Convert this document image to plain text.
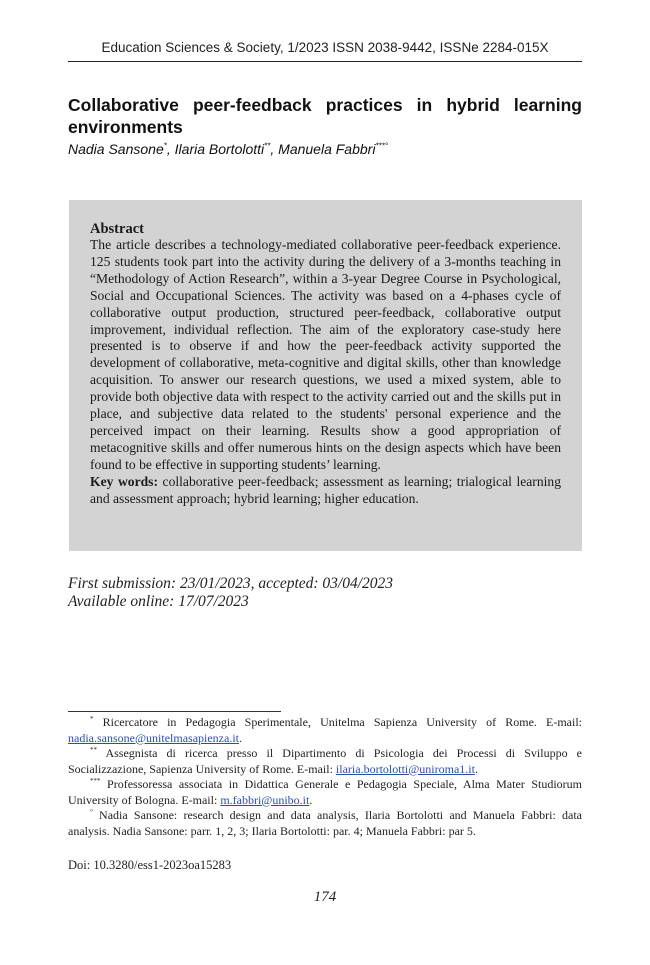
Education Sciences & Society, 1/2023 ISSN 2038-9442, ISSNe 2284-015X
Collaborative peer-feedback practices in hybrid learning environments
Nadia Sansone*, Ilaria Bortolotti**, Manuela Fabbri***°
Abstract

The article describes a technology-mediated collaborative peer-feedback experience. 125 students took part into the activity during the delivery of a 3-months teaching in “Methodology of Action Research”, within a 3-year Degree Course in Psychological, Social and Occupational Sciences. The activity was based on a 4-phases cycle of collaborative output production, structured peer-feedback, collaborative output improvement, individual reflection. The aim of the exploratory case-study here presented is to observe if and how the peer-feedback activity supported the development of collaborative, meta-cognitive and digital skills, other than knowledge acquisition. To answer our research questions, we used a mixed system, able to provide both objective data with respect to the activity carried out and the skills put in place, and subjective data related to the students' personal experience and the perceived impact on their learning. Results show a good appropriation of metacognitive skills and offer numerous hints on the design aspects which have been found to be effective in supporting students’ learning.

Key words: collaborative peer-feedback; assessment as learning; trialogical learning and assessment approach; hybrid learning; higher education.

First submission: 23/01/2023, accepted: 03/04/2023
Available online: 17/07/2023

* Ricercatore in Pedagogia Sperimentale, Unitelma Sapienza University of Rome. E-mail: nadia.sansone@unitelmasapienza.it.

** Assegnista di ricerca presso il Dipartimento di Psicologia dei Processi di Sviluppo e Socializzazione, Sapienza University of Rome. E-mail: ilaria.bortolotti@uniroma1.it.

*** Professoressa associata in Didattica Generale e Pedagogia Speciale, Alma Mater Studiorum University of Bologna. E-mail: m.fabbri@unibo.it.

° Nadia Sansone: research design and data analysis, Ilaria Bortolotti and Manuela Fabbri: data analysis. Nadia Sansone: parr. 1, 2, 3; Ilaria Bortolotti: par. 4; Manuela Fabbri: par 5.

Doi: 10.3280/ess1-2023oa15283
174
